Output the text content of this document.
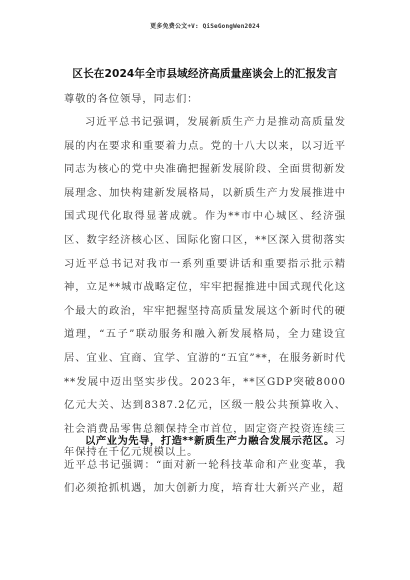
更多免费公文+V: QiSeGongWen2024
区长在2024年全市县域经济高质量座谈会上的汇报发言
尊敬的各位领导，同志们：
习近平总书记强调，发展新质生产力是推动高质量发展的内在要求和重要着力点。党的十八大以来，以习近平同志为核心的党中央准确把握新发展阶段、全面贯彻新发展理念、加快构建新发展格局，以新质生产力发展推进中国式现代化取得显著成就。作为**市中心城区、经济强区、数字经济核心区、国际化窗口区，**区深入贯彻落实习近平总书记对我市一系列重要讲话和重要指示批示精神，立足**城市战略定位，牢牢把握推进中国式现代化这个最大的政治，牢牢把握坚持高质量发展这个新时代的硬道理，“五子”联动服务和融入新发展格局，全力建设宜居、宜业、宜商、宜学、宜游的“五宜”**，在服务新时代**发展中迈出坚实步伐。2023年，**区GDP突破8000亿元大关、达到8387.2亿元，区级一般公共预算收入、社会消费品零售总额保持全市首位，固定资产投资连续三年保持在千亿元规模以上。
以产业为先导，打造**新质生产力融合发展示范区。习近平总书记强调：“面对新一轮科技革命和产业变革，我们必须抢抓机遇，加大创新力度，培育壮大新兴产业，超
